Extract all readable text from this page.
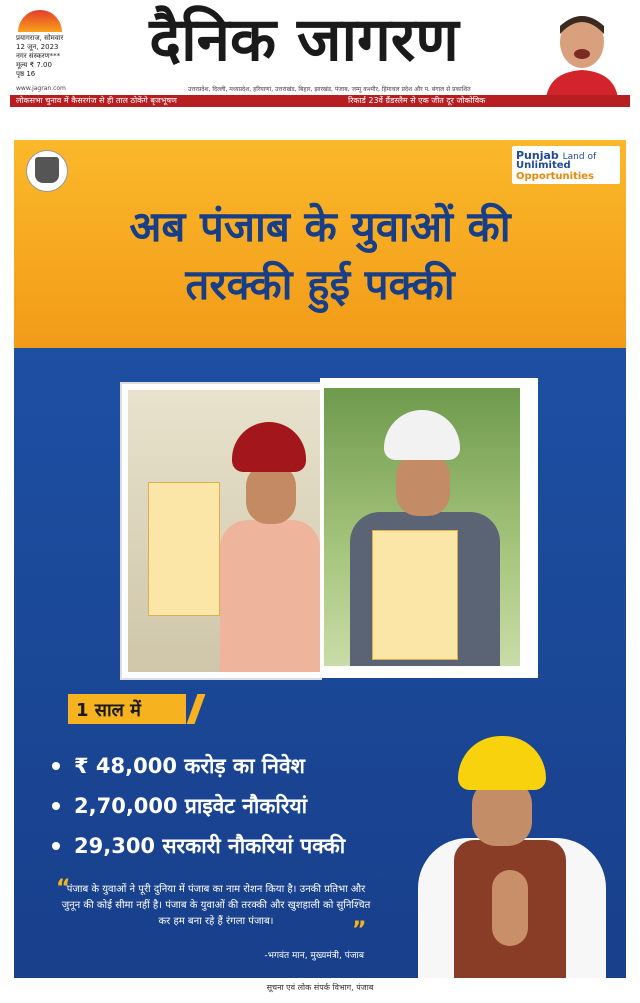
प्रयागराज, सोमवार
12 जून, 2023
नगर संस्करण***
मूल्य ₹ 7.00
पृष्ठ 16	दैनिक जागरण
www.jagran.com	उत्तरप्रदेश, दिल्ली, मध्यप्रदेश, हरियाणा, उत्तराखंड, बिहार, झारखंड, पंजाब, जम्मू कश्मीर, हिमाचल प्रदेश और प. बंगाल से प्रकाशित
लोकसभा चुनाव में कैसरगंज से ही ताल ठोकेंगे बृजभूषण	रिकार्ड 23वें ग्रैंडस्लैम से एक जीत दूर जोकोविक
Punjab Land of
Unlimited
Opportunities
अब पंजाब के युवाओं की
तरक्की हुई पक्की
1 साल में
₹ 48,000 करोड़ का निवेश
2,70,000 प्राइवेट नौकरियां
29,300 सरकारी नौकरियां पक्की
“
पंजाब के युवाओं ने पूरी दुनिया में पंजाब का नाम रोशन किया है। उनकी प्रतिभा और जुनून की कोई सीमा नहीं है। पंजाब के युवाओं की तरक्की और खुशहाली को सुनिश्चित कर हम बना रहे हैं रंगला पंजाब।	”
-भगवंत मान, मुख्यमंत्री, पंजाब
सूचना एवं लोक संपर्क विभाग, पंजाब
